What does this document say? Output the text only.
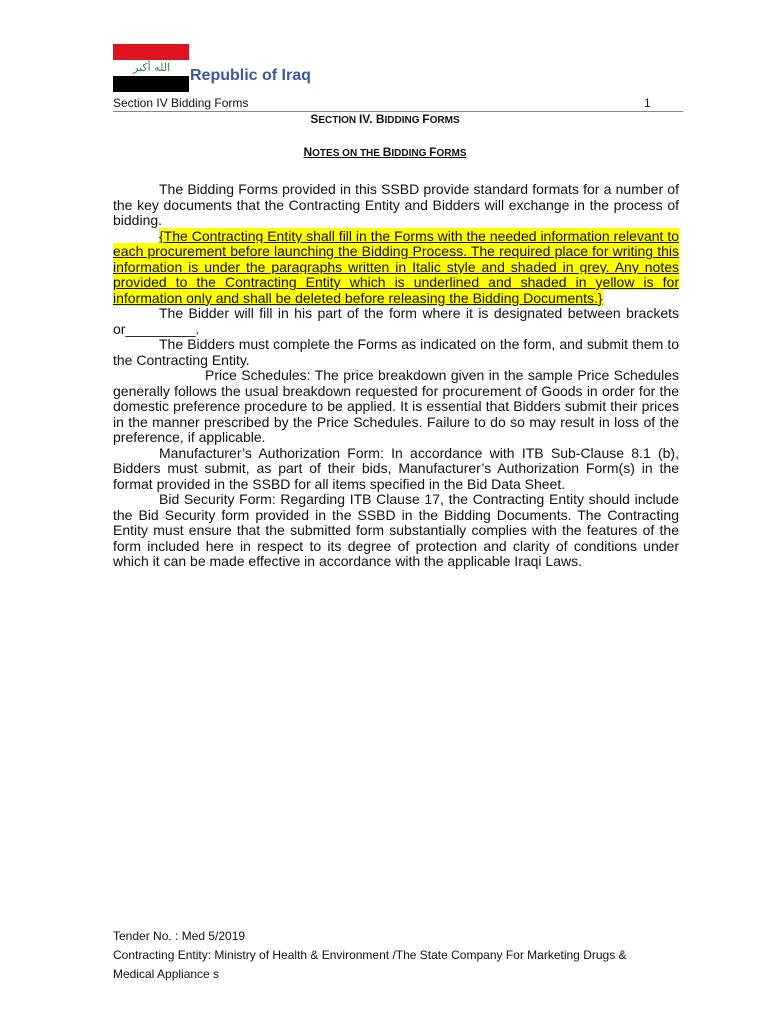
الله أكبر Republic of Iraq
Section IV Bidding Forms	1
SECTION IV. BIDDING FORMS
NOTES ON THE BIDDING FORMS

The Bidding Forms provided in this SSBD provide standard formats for a number of the key documents that the Contracting Entity and Bidders will exchange in the process of bidding.

{The Contracting Entity shall fill in the Forms with the needed information relevant to each procurement before launching the Bidding Process. The required place for writing this information is under the paragraphs written in Italic style and shaded in grey. Any notes provided to the Contracting Entity which is underlined and shaded in yellow is for information only and shall be deleted before releasing the Bidding Documents.}

The Bidder will fill in his part of the form where it is designated between brackets or_________.

The Bidders must complete the Forms as indicated on the form, and submit them to the Contracting Entity.

Price Schedules: The price breakdown given in the sample Price Schedules generally follows the usual breakdown requested for procurement of Goods in order for the domestic preference procedure to be applied. It is essential that Bidders submit their prices in the manner prescribed by the Price Schedules. Failure to do so may result in loss of the preference, if applicable.

Manufacturer’s Authorization Form: In accordance with ITB Sub-Clause 8.1 (b), Bidders must submit, as part of their bids, Manufacturer’s Authorization Form(s) in the format provided in the SSBD for all items specified in the Bid Data Sheet.

Bid Security Form: Regarding ITB Clause 17, the Contracting Entity should include the Bid Security form provided in the SSBD in the Bidding Documents. The Contracting Entity must ensure that the submitted form substantially complies with the features of the form included here in respect to its degree of protection and clarity of conditions under which it can be made effective in accordance with the applicable Iraqi Laws.

Tender No. : Med 5/2019
Contracting Entity: Ministry of Health & Environment /The State Company For Marketing Drugs &
Medical Appliance s
